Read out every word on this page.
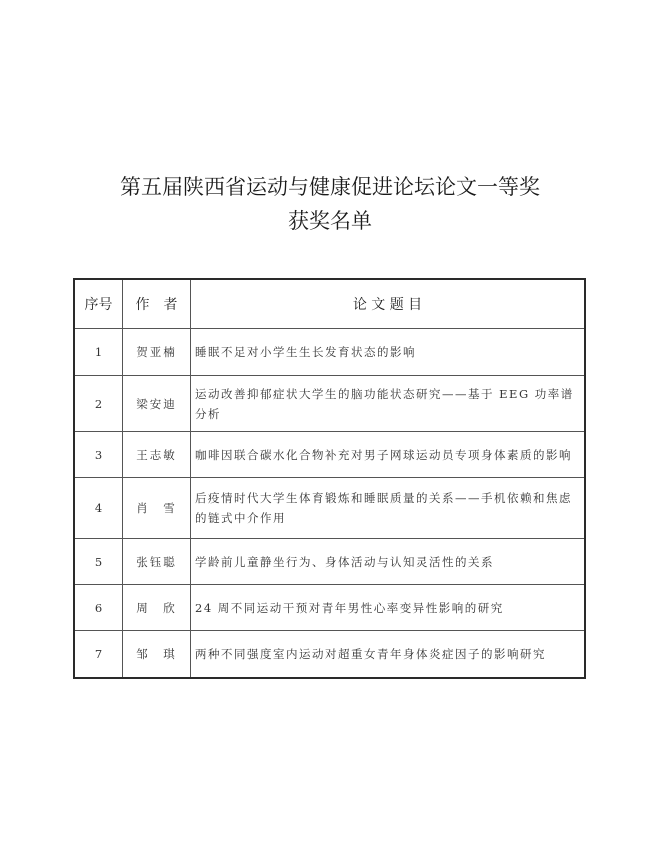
第五届陕西省运动与健康促进论坛论文一等奖
获奖名单
序号	作　者	论 文 题 目
1	贺亚楠	睡眠不足对小学生生长发育状态的影响
2	梁安迪	运动改善抑郁症状大学生的脑功能状态研究——基于 EEG 功率谱分析
3	王志敏	咖啡因联合碳水化合物补充对男子网球运动员专项身体素质的影响
4	肖　雪	后疫情时代大学生体育锻炼和睡眠质量的关系——手机依赖和焦虑的链式中介作用
5	张钰聪	学龄前儿童静坐行为、身体活动与认知灵活性的关系
6	周　欣	24 周不同运动干预对青年男性心率变异性影响的研究
7	邹　琪	两种不同强度室内运动对超重女青年身体炎症因子的影响研究
